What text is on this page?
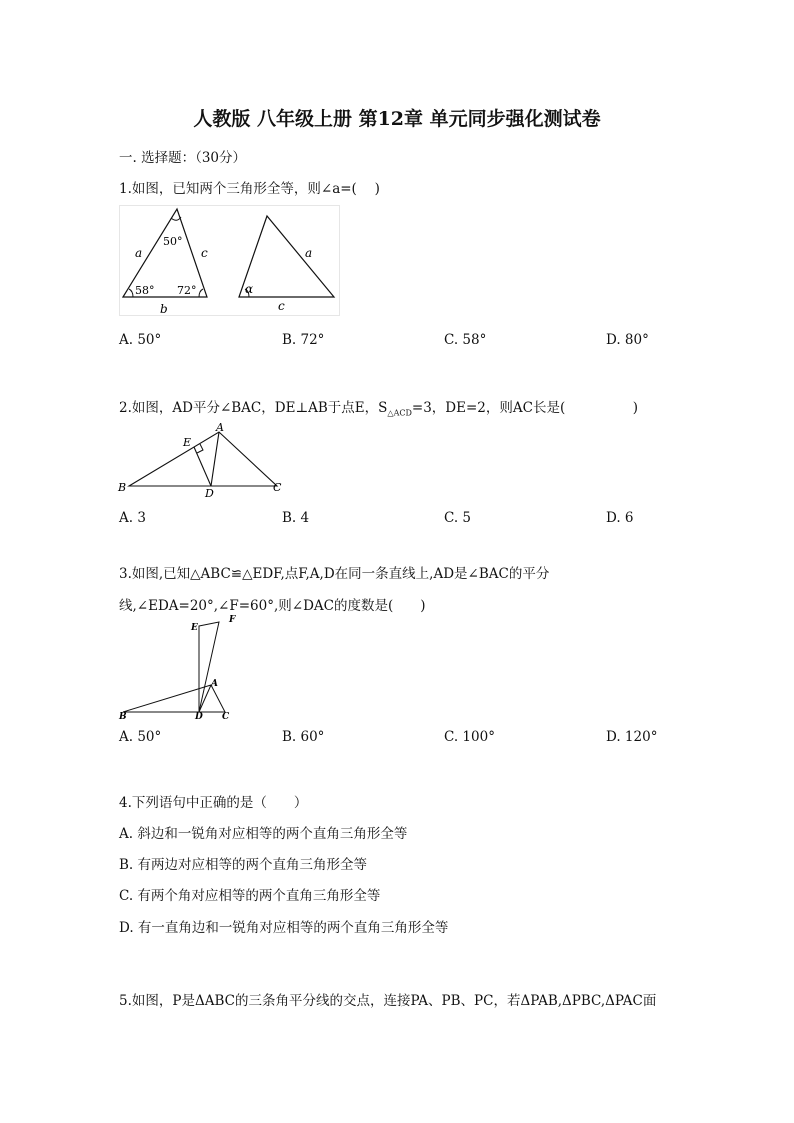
人教版 八年级上册 第12章 单元同步强化测试卷
一. 选择题：（30分）
1.如图，已知两个三角形全等，则∠a=(　 )
50°
58° 72°
a	c
b
α
a
c
A. 50°	B. 72°	C. 58°	D. 80°
2.如图，AD平分∠BAC，DE⊥AB于点E，$S_{\triangle ACD}=3$，DE=2，则AC长是(　　　　　)
A
B	C
D
E
A. 3	B. 4	C. 5	D. 6
3.如图,已知△ABC≌△EDF,点F,A,D在同一条直线上,AD是∠BAC的平分
线,∠EDA=20°,∠F=60°,则∠DAC的度数是(　　)
E
F
A
B	D C
A. 50°	B. 60°	C. 100°	D. 120°
4.下列语句中正确的是（　　）
A. 斜边和一锐角对应相等的两个直角三角形全等
B. 有两边对应相等的两个直角三角形全等
C. 有两个角对应相等的两个直角三角形全等
D. 有一直角边和一锐角对应相等的两个直角三角形全等
5.如图，P是ΔABC的三条角平分线的交点，连接PA、PB、PC，若ΔPAB,ΔPBC,ΔPAC面
